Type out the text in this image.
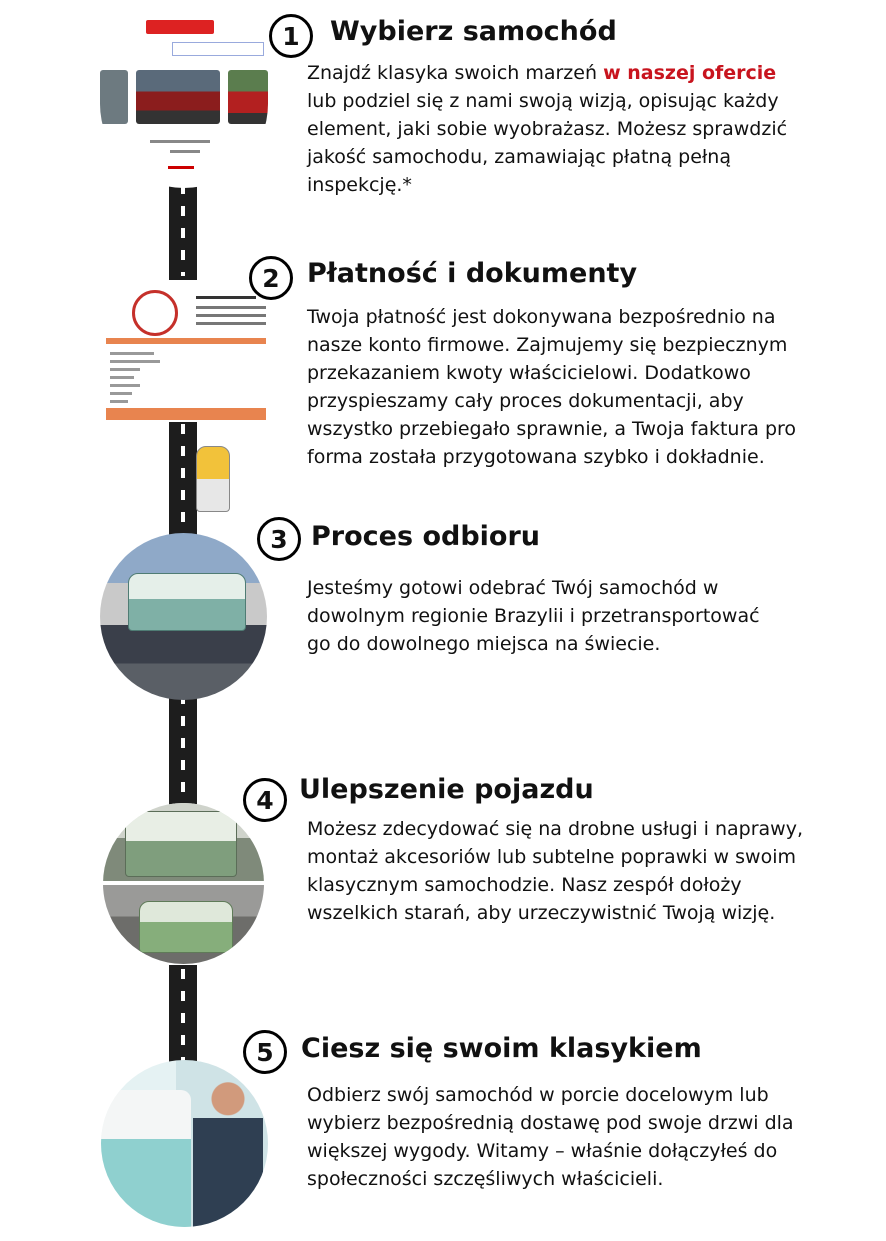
1
2
3
4
5
Wybierz samochód
Płatność i dokumenty
Proces odbioru
Ulepszenie pojazdu
Ciesz się swoim klasykiem
Znajdź klasyka swoich marzeń w naszej ofercie lub podziel się z nami swoją wizją, opisując każdy element, jaki sobie wyobrażasz. Możesz sprawdzić jakość samochodu, zamawiając płatną pełną inspekcję.*
Twoja płatność jest dokonywana bezpośrednio na nasze konto firmowe. Zajmujemy się bezpiecznym przekazaniem kwoty właścicielowi. Dodatkowo przyspieszamy cały proces dokumentacji, aby wszystko przebiegało sprawnie, a Twoja faktura pro forma została przygotowana szybko i dokładnie.
Jesteśmy gotowi odebrać Twój samochód w dowolnym regionie Brazylii i przetransportować go do dowolnego miejsca na świecie.
Możesz zdecydować się na drobne usługi i naprawy, montaż akcesoriów lub subtelne poprawki w swoim klasycznym samochodzie. Nasz zespół dołoży wszelkich starań, aby urzeczywistnić Twoją wizję.
Odbierz swój samochód w porcie docelowym lub wybierz bezpośrednią dostawę pod swoje drzwi dla większej wygody. Witamy – właśnie dołączyłeś do społeczności szczęśliwych właścicieli.
